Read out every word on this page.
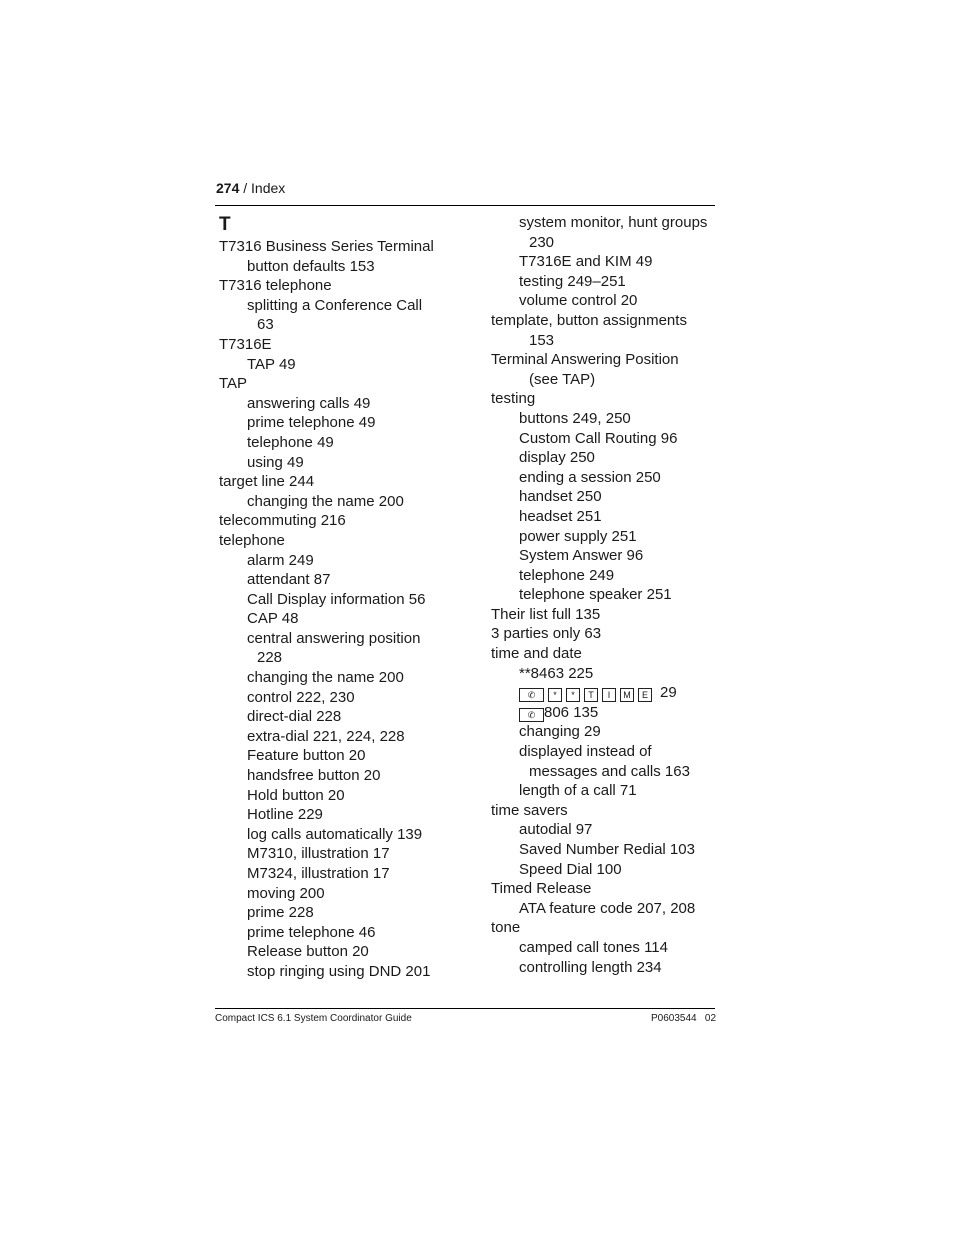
274 / Index
T
T7316 Business Series Terminal
button defaults 153
T7316 telephone
splitting a Conference Call
63
T7316E
TAP 49
TAP
answering calls 49
prime telephone 49
telephone 49
using 49
target line 244
changing the name 200
telecommuting 216
telephone
alarm 249
attendant 87
Call Display information 56
CAP 48
central answering position
228
changing the name 200
control 222, 230
direct-dial 228
extra-dial 221, 224, 228
Feature button 20
handsfree button 20
Hold button 20
Hotline 229
log calls automatically 139
M7310, illustration 17
M7324, illustration 17
moving 200
prime 228
prime telephone 46
Release button 20
stop ringing using DND 201
system monitor, hunt groups
230
T7316E and KIM 49
testing 249–251
volume control 20
template, button assignments
153
Terminal Answering Position
(see TAP)
testing
buttons 249, 250
Custom Call Routing 96
display 250
ending a session 250
handset 250
headset 251
power supply 251
System Answer 96
telephone 249
telephone speaker 251
Their list full 135
3 parties only 63
time and date
**8463 225
✆ * * T I M E 29
✆ 806 135
changing 29
displayed instead of
messages and calls 163
length of a call 71
time savers
autodial 97
Saved Number Redial 103
Speed Dial 100
Timed Release
ATA feature code 207, 208
tone
camped call tones 114
controlling length 234
Compact ICS 6.1 System Coordinator Guide	P0603544   02
